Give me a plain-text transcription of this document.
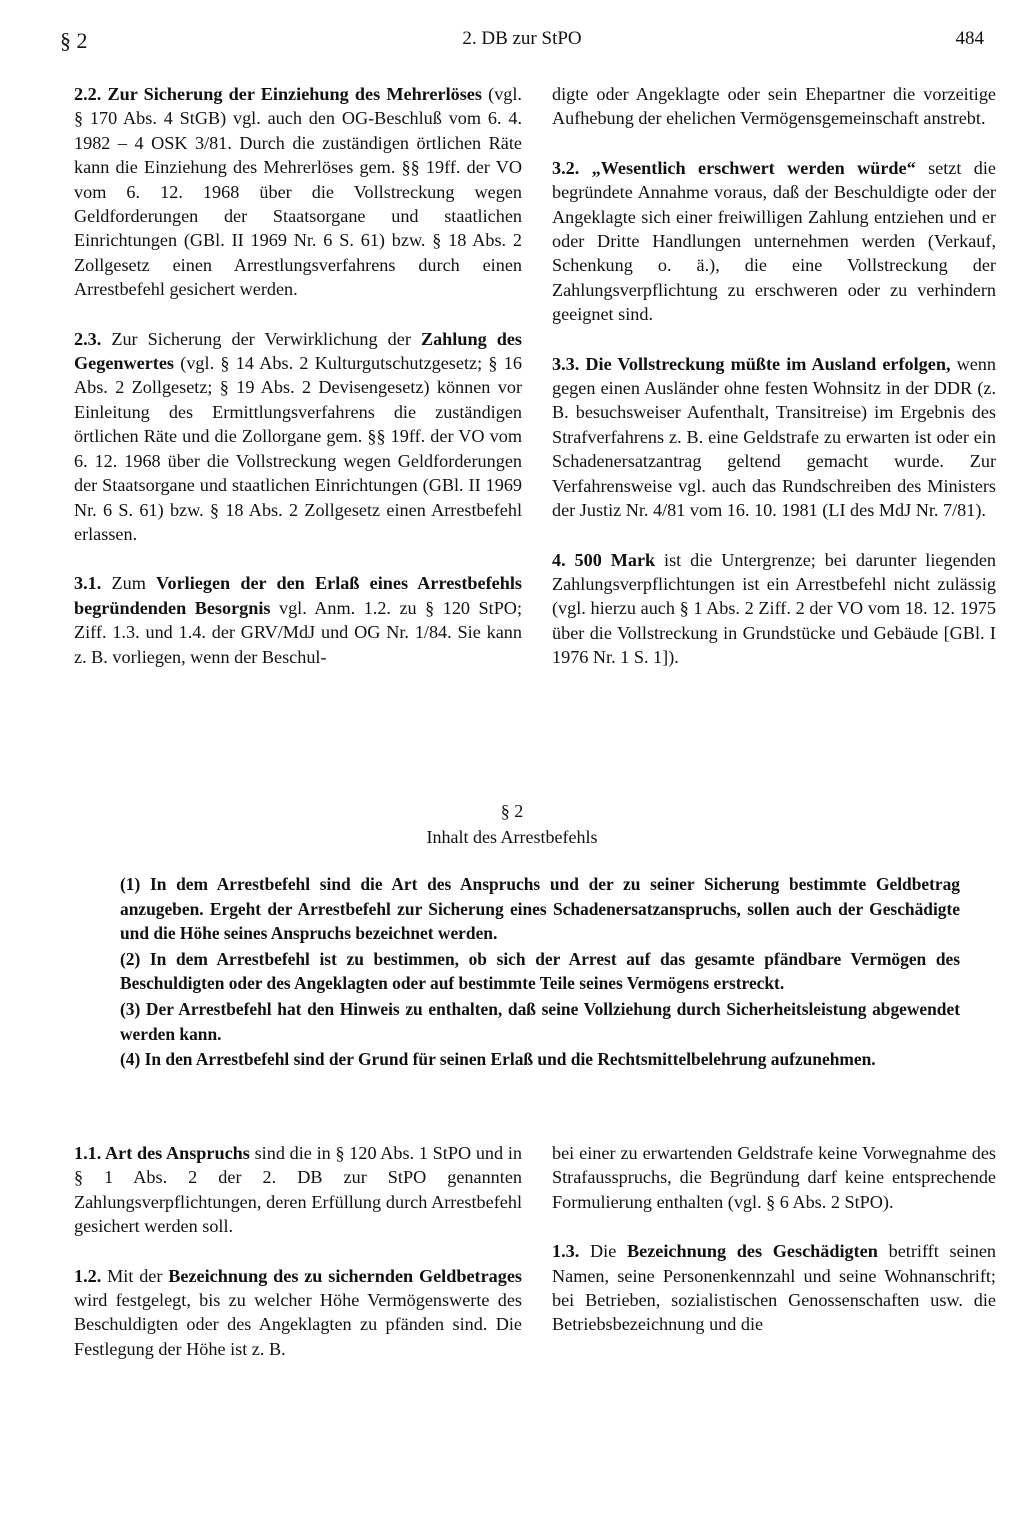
§ 2	2. DB zur StPO	484

2.2. Zur Sicherung der Einziehung des Mehrerlöses (vgl. § 170 Abs. 4 StGB) vgl. auch den OG-Beschluß vom 6. 4. 1982 – 4 OSK 3/81. Durch die zuständigen örtlichen Räte kann die Einziehung des Mehrerlöses gem. §§ 19ff. der VO vom 6. 12. 1968 über die Vollstreckung wegen Geldforderungen der Staatsorgane und staatlichen Einrichtungen (GBl. II 1969 Nr. 6 S. 61) bzw. § 18 Abs. 2 Zollgesetz einen Arrestlungsverfahrens durch einen Arrestbefehl gesichert werden.

2.3. Zur Sicherung der Verwirklichung der Zahlung des Gegenwertes (vgl. § 14 Abs. 2 Kulturgutschutzgesetz; § 16 Abs. 2 Zollgesetz; § 19 Abs. 2 Devisengesetz) können vor Einleitung des Ermittlungsverfahrens die zuständigen örtlichen Räte und die Zollorgane gem. §§ 19ff. der VO vom 6. 12. 1968 über die Vollstreckung wegen Geldforderungen der Staatsorgane und staatlichen Einrichtungen (GBl. II 1969 Nr. 6 S. 61) bzw. § 18 Abs. 2 Zollgesetz einen Arrestbefehl erlassen.

3.1. Zum Vorliegen der den Erlaß eines Arrestbefehls begründenden Besorgnis vgl. Anm. 1.2. zu § 120 StPO; Ziff. 1.3. und 1.4. der GRV/MdJ und OG Nr. 1/84. Sie kann z. B. vorliegen, wenn der Beschul-

digte oder Angeklagte oder sein Ehepartner die vorzeitige Aufhebung der ehelichen Vermögensgemeinschaft anstrebt.

3.2. „Wesentlich erschwert werden würde“ setzt die begründete Annahme voraus, daß der Beschuldigte oder der Angeklagte sich einer freiwilligen Zahlung entziehen und er oder Dritte Handlungen unternehmen werden (Verkauf, Schenkung o. ä.), die eine Vollstreckung der Zahlungsverpflichtung zu erschweren oder zu verhindern geeignet sind.

3.3. Die Vollstreckung müßte im Ausland erfolgen, wenn gegen einen Ausländer ohne festen Wohnsitz in der DDR (z. B. besuchsweiser Aufenthalt, Transitreise) im Ergebnis des Strafverfahrens z. B. eine Geldstrafe zu erwarten ist oder ein Schadenersatzantrag geltend gemacht wurde. Zur Verfahrensweise vgl. auch das Rundschreiben des Ministers der Justiz Nr. 4/81 vom 16. 10. 1981 (LI des MdJ Nr. 7/81).

4. 500 Mark ist die Untergrenze; bei darunter liegenden Zahlungsverpflichtungen ist ein Arrestbefehl nicht zulässig (vgl. hierzu auch § 1 Abs. 2 Ziff. 2 der VO vom 18. 12. 1975 über die Vollstreckung in Grundstücke und Gebäude [GBl. I 1976 Nr. 1 S. 1]).

§ 2
Inhalt des Arrestbefehls

(1) In dem Arrestbefehl sind die Art des Anspruchs und der zu seiner Sicherung bestimmte Geldbetrag anzugeben. Ergeht der Arrestbefehl zur Sicherung eines Schadenersatzanspruchs, sollen auch der Geschädigte und die Höhe seines Anspruchs bezeichnet werden.

(2) In dem Arrestbefehl ist zu bestimmen, ob sich der Arrest auf das gesamte pfändbare Vermögen des Beschuldigten oder des Angeklagten oder auf bestimmte Teile seines Vermögens erstreckt.

(3) Der Arrestbefehl hat den Hinweis zu enthalten, daß seine Vollziehung durch Sicherheitsleistung abgewendet werden kann.

(4) In den Arrestbefehl sind der Grund für seinen Erlaß und die Rechtsmittelbelehrung aufzunehmen.

1.1. Art des Anspruchs sind die in § 120 Abs. 1 StPO und in § 1 Abs. 2 der 2. DB zur StPO genannten Zahlungsverpflichtungen, deren Erfüllung durch Arrestbefehl gesichert werden soll.

1.2. Mit der Bezeichnung des zu sichernden Geldbetrages wird festgelegt, bis zu welcher Höhe Vermögenswerte des Beschuldigten oder des Angeklagten zu pfänden sind. Die Festlegung der Höhe ist z. B.

bei einer zu erwartenden Geldstrafe keine Vorwegnahme des Strafausspruchs, die Begründung darf keine entsprechende Formulierung enthalten (vgl. § 6 Abs. 2 StPO).

1.3. Die Bezeichnung des Geschädigten betrifft seinen Namen, seine Personenkennzahl und seine Wohnanschrift; bei Betrieben, sozialistischen Genossenschaften usw. die Betriebsbezeichnung und die
